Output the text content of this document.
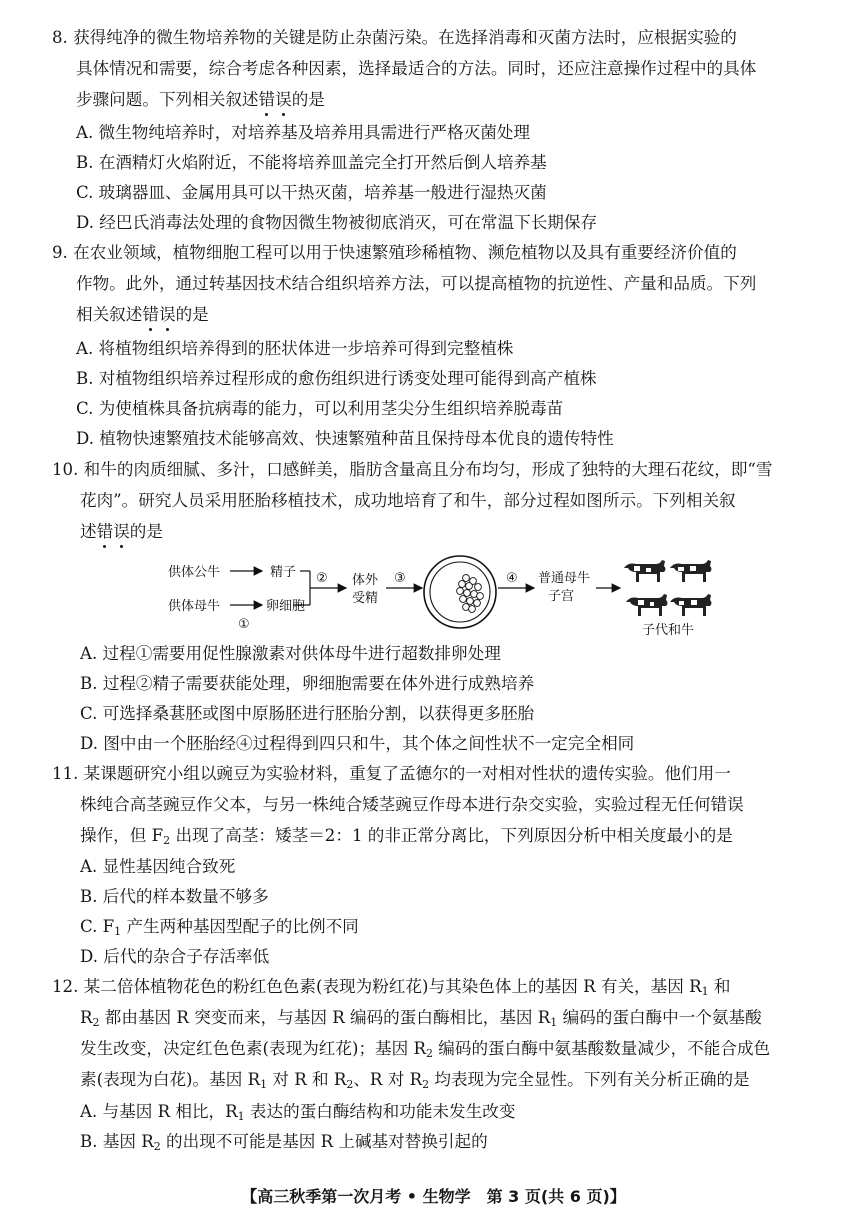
8. 获得纯净的微生物培养物的关键是防止杂菌污染。在选择消毒和灭菌方法时，应根据实验的
具体情况和需要，综合考虑各种因素，选择最适合的方法。同时，还应注意操作过程中的具体
步骤问题。下列相关叙述错误的是
A. 微生物纯培养时，对培养基及培养用具需进行严格灭菌处理
B. 在酒精灯火焰附近，不能将培养皿盖完全打开然后倒人培养基
C. 玻璃器皿、金属用具可以干热灭菌，培养基一般进行湿热灭菌
D. 经巴氏消毒法处理的食物因微生物被彻底消灭，可在常温下长期保存
9. 在农业领域，植物细胞工程可以用于快速繁殖珍稀植物、濒危植物以及具有重要经济价值的
作物。此外，通过转基因技术结合组织培养方法，可以提高植物的抗逆性、产量和品质。下列
相关叙述错误的是
A. 将植物组织培养得到的胚状体进一步培养可得到完整植株
B. 对植物组织培养过程形成的愈伤组织进行诱变处理可能得到高产植株
C. 为使植株具备抗病毒的能力，可以利用茎尖分生组织培养脱毒苗
D. 植物快速繁殖技术能够高效、快速繁殖种苗且保持母本优良的遗传特性
10. 和牛的肉质细腻、多汁，口感鲜美，脂肪含量高且分布均匀，形成了独特的大理石花纹，即“雪
花肉”。研究人员采用胚胎移植技术，成功地培育了和牛，部分过程如图所示。下列相关叙
述错误的是
供体公牛
供体母牛
①
精子
卵细胞
② 体外
受精
③	④ 普通母牛
子宫
子代和牛
A. 过程①需要用促性腺激素对供体母牛进行超数排卵处理
B. 过程②精子需要获能处理，卵细胞需要在体外进行成熟培养
C. 可选择桑葚胚或图中原肠胚进行胚胎分割，以获得更多胚胎
D. 图中由一个胚胎经④过程得到四只和牛，其个体之间性状不一定完全相同
11. 某课题研究小组以豌豆为实验材料，重复了孟德尔的一对相对性状的遗传实验。他们用一
株纯合高茎豌豆作父本，与另一株纯合矮茎豌豆作母本进行杂交实验，实验过程无任何错误
操作，但 $F_2$ 出现了高茎：矮茎＝2：1 的非正常分离比，下列原因分析中相关度最小的是
A. 显性基因纯合致死
B. 后代的样本数量不够多
C. $F_1$ 产生两种基因型配子的比例不同
D. 后代的杂合子存活率低
12. 某二倍体植物花色的粉红色色素(表现为粉红花)与其染色体上的基因 R 有关，基因 $R_1$ 和
$R_2$ 都由基因 R 突变而来，与基因 R 编码的蛋白酶相比，基因 $R_1$ 编码的蛋白酶中一个氨基酸
发生改变，决定红色色素(表现为红花)；基因 $R_2$ 编码的蛋白酶中氨基酸数量减少，不能合成色
素(表现为白花)。基因 $R_1$ 对 R 和 $R_2$、R 对 $R_2$ 均表现为完全显性。下列有关分析正确的是
A. 与基因 R 相比，$R_1$ 表达的蛋白酶结构和功能未发生改变
B. 基因 $R_2$ 的出现不可能是基因 R 上碱基对替换引起的
【高三秋季第一次月考 • 生物学　第 3 页(共 6 页)】
